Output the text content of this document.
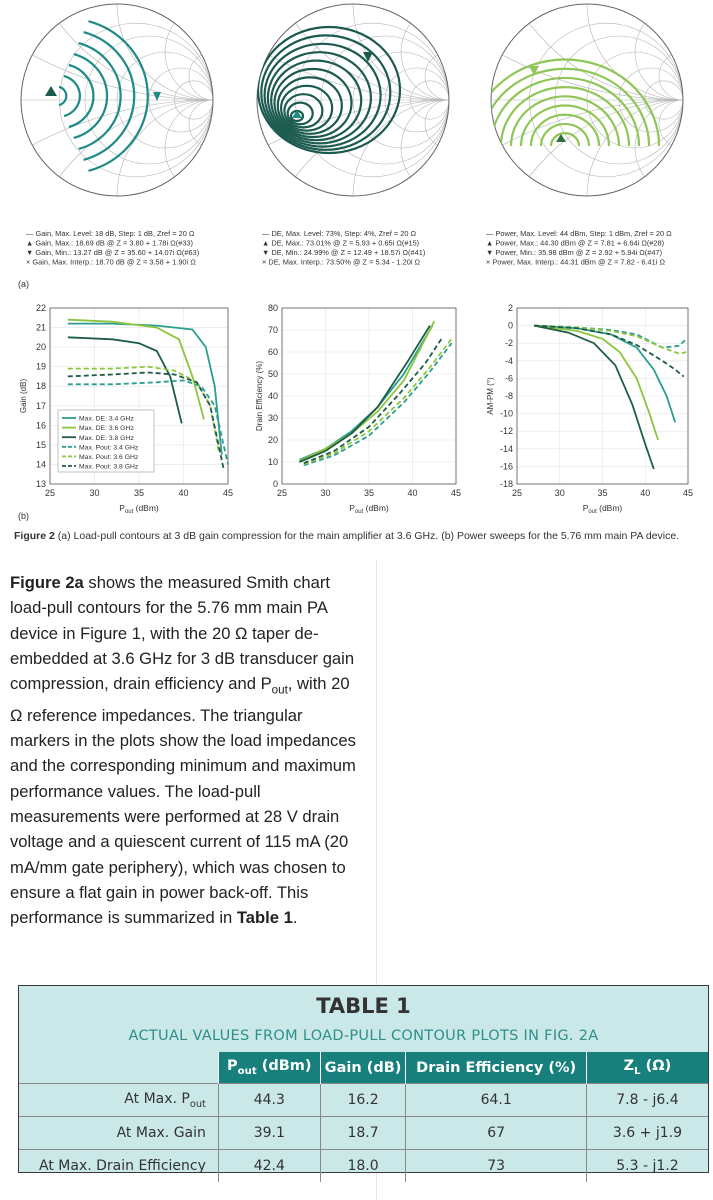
— Gain, Max. Level: 18 dB, Step: 1 dB, Zref = 20 Ω
▲ Gain, Max.: 18.69 dB @ Z = 3.80 + 1.78i Ω(#33)
▼ Gain, Min.: 13.27 dB @ Z = 35.60 + 14.07i Ω(#63)
× Gain, Max. Interp.: 18.70 dB @ Z = 3.58 + 1.90i Ω
— DE, Max. Level: 73%, Step: 4%, Zref = 20 Ω
▲ DE, Max.: 73.01% @ Z = 5.93 + 0.65i Ω(#15)
▼ DE, Min.: 24.99% @ Z = 12.49 + 18.57i Ω(#41)
× DE, Max. Interp.: 73.50% @ Z = 5.34 - 1.20i Ω
— Power, Max. Level: 44 dBm, Step: 1 dBm, Zref = 20 Ω
▲ Power, Max.: 44.30 dBm @ Z = 7.81 + 6.64i Ω(#28)
▼ Power, Min.: 35.98 dBm @ Z = 2.92 + 5.94i Ω(#47)
× Power, Max. Interp.: 44.31 dBm @ Z = 7.82 - 6.41i Ω
(a)
25	30	35	40	45
13
14
15
16
17
18
19
20
21
22
$P_{out}$ (dBm)
Gain (dB)
Max. DE: 3.4 GHz
Max. DE: 3.6 GHz
Max. DE: 3.8 GHz
Max. Pout: 3.4 GHz
Max. Pout: 3.6 GHz
Max. Pout: 3.8 GHz
25	30	35	40	45
0
10
20
30
40
50
60
70
80
$P_{out}$ (dBm)
Drain Efficiency (%)
25	30	35	40	45
2
0
-2
-4
-6
-8
-10
-12
-14
-16
-18
$P_{out}$ (dBm)
AM-PM (°)
(b)
Figure 2 (a) Load-pull contours at 3 dB gain compression for the main amplifier at 3.6 GHz. (b) Power sweeps for the 5.76 mm main PA device.

Figure 2a shows the measured Smith chart load-pull contours for the 5.76 mm main PA device in Figure 1, with the 20 Ω taper de-embedded at 3.6 GHz for 3 dB transducer gain compression, drain efficiency and $P_{out}$, with 20 Ω reference impedances. The triangular markers in the plots show the load impedances and the corresponding minimum and maximum performance values. The load-pull measurements were performed at 28 V drain voltage and a quiescent current of 115 mA (20 mA/mm gate periphery), which was chosen to ensure a flat gain in power back-off. This performance is summarized in Table 1.

TABLE 1
ACTUAL VALUES FROM LOAD-PULL CONTOUR PLOTS IN FIG. 2A
	$P_{out}$ (dBm)	Gain (dB)	Drain Efficiency (%)	$Z_L$ (Ω)
At Max. $P_{out}$	44.3	16.2	64.1	7.8 - j6.4
At Max. Gain	39.1	18.7	67	3.6 + j1.9
At Max. Drain Efficiency	42.4	18.0	73	5.3 - j1.2
